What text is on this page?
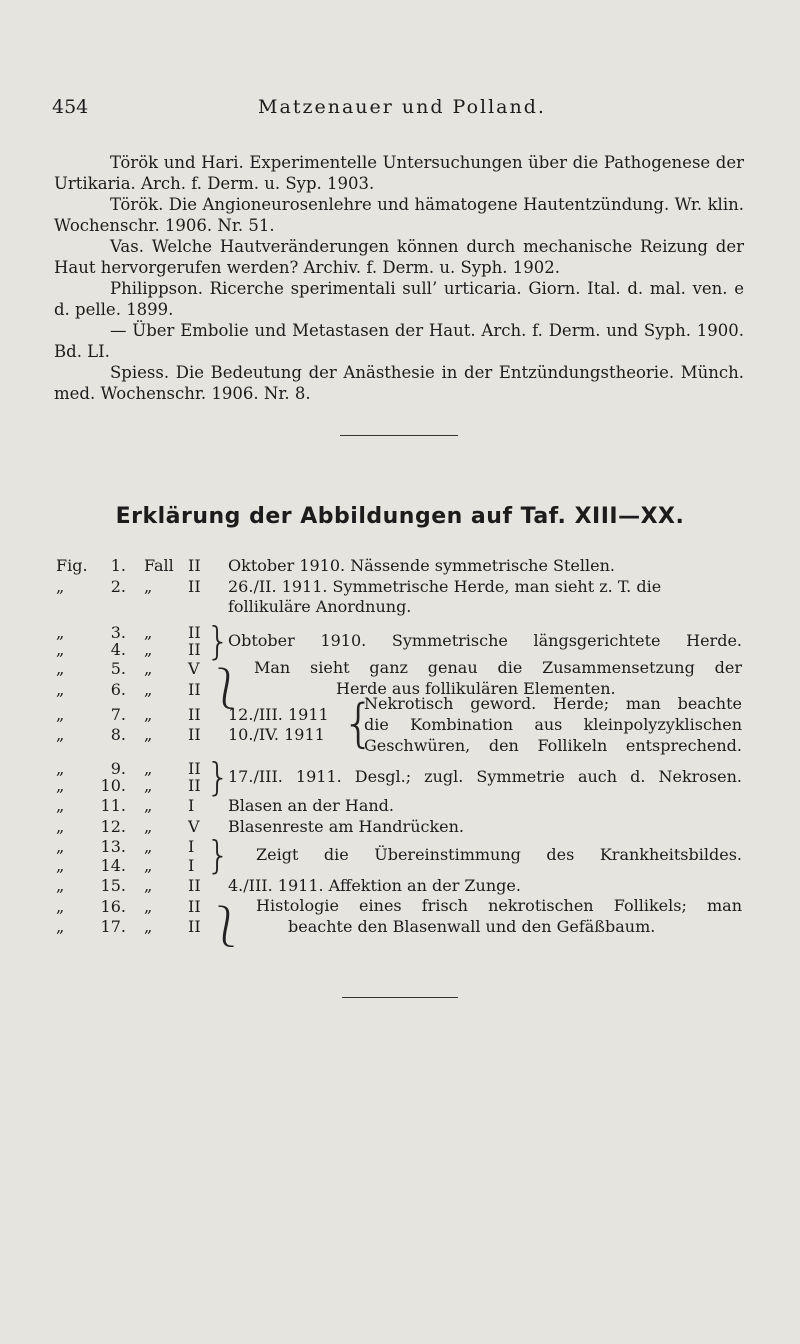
454	Matzenauer und Polland.

Török und Hari. Experimentelle Untersuchungen über die Pathogenese der Urtikaria. Arch. f. Derm. u. Syp. 1903.

Török. Die Angioneurosenlehre und hämatogene Hautentzündung. Wr. klin. Wochenschr. 1906. Nr. 51.

Vas. Welche Hautveränderungen können durch mechanische Reizung der Haut hervorgerufen werden? Archiv. f. Derm. u. Syph. 1902.

Philippson. Ricerche sperimentali sull’ urticaria. Giorn. Ital. d. mal. ven. e d. pelle. 1899.

— Über Embolie und Metastasen der Haut. Arch. f. Derm. und Syph. 1900. Bd. LI.

Spiess. Die Bedeutung der Anästhesie in der Entzündungstheorie. Münch. med. Wochenschr. 1906. Nr. 8.

Erklärung der Abbildungen auf Taf. XIII—XX.
Fig.	1. Fall II	Oktober 1910. Nässende symmetrische Stellen.
„	2. „	II	26./II. 1911. Symmetrische Herde, man sieht z. T. die
follikuläre Anordnung.
„	3. „	II
„	4. „	II }
Obtober 1910. Symmetrische längsgerichtete Herde.
„	5. „	V
„	6. „	II ⎱ Man sieht ganz genau die Zusammensetzung der
Herde aus follikulären Elementen.
„	7. „	II	12./III. 1911
„	8. „	II	10./IV. 1911 {
Nekrotisch geword. Herde; man beachte
die Kombination aus kleinpolyzyklischen
Geschwüren, den Follikeln entsprechend.
„	9. „	II
„	10. „	II }
17./III. 1911. Desgl.; zugl. Symmetrie auch d. Nekrosen.
„	11. „	I	Blasen an der Hand.
„	12. „	V	Blasenreste am Handrücken.
„	13. „	I
„	14. „	I } Zeigt die Übereinstimmung des Krankheitsbildes.
„	15. „	II	4./III. 1911. Affektion an der Zunge.
„	16. „	II
„	17. „	II ⎱ Histologie eines frisch nekrotischen Follikels; man
beachte den Blasenwall und den Gefäßbaum.
